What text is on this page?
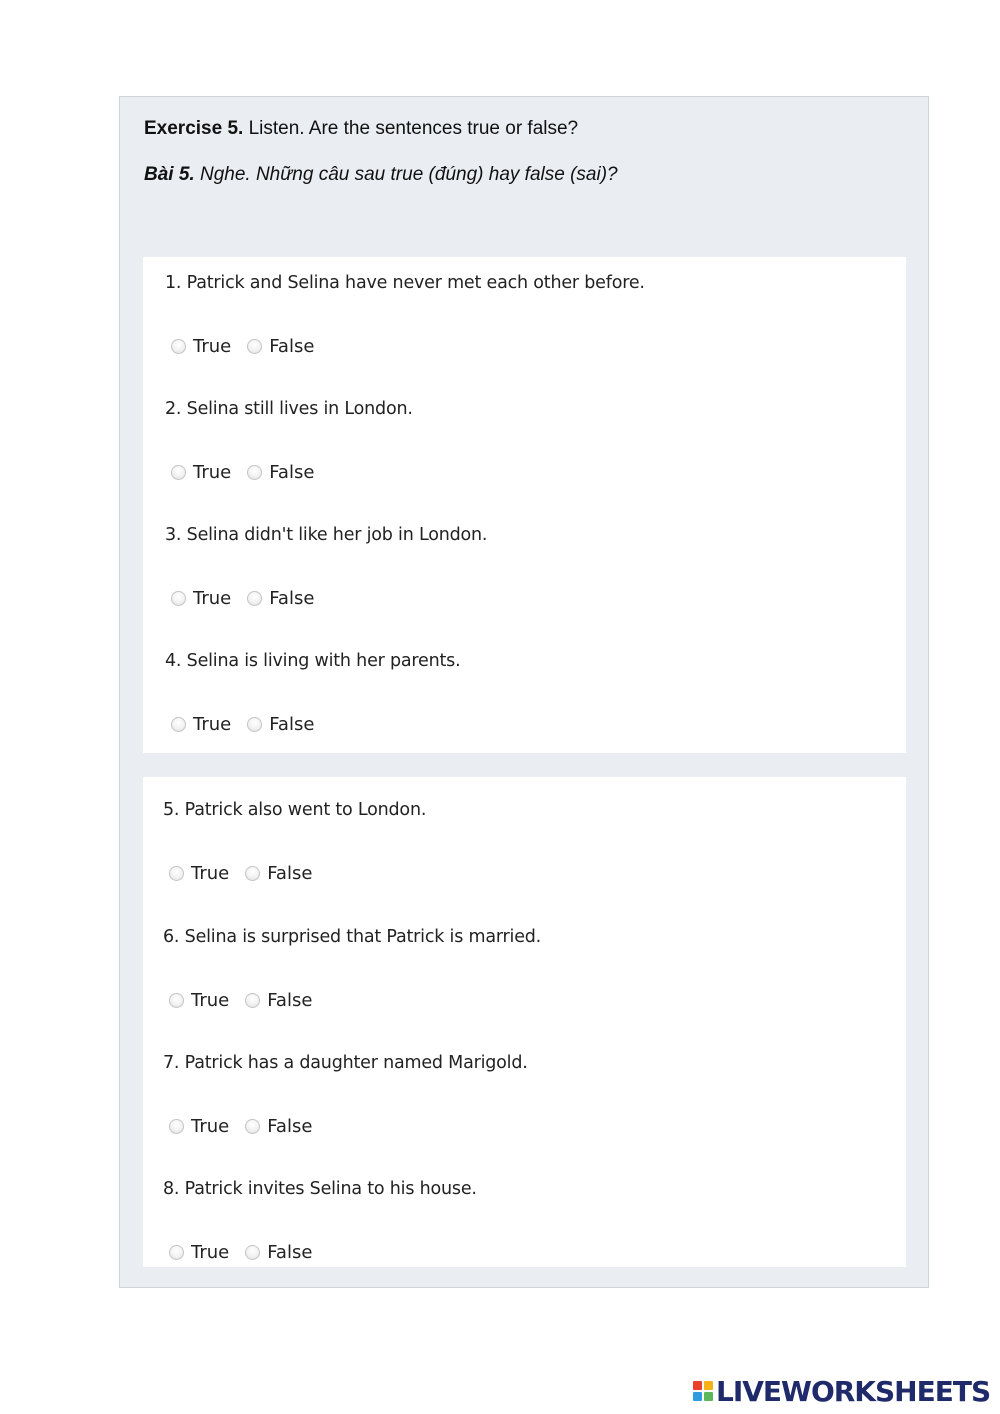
Exercise 5. Listen. Are the sentences true or false?
Bài 5. Nghe. Những câu sau true (đúng) hay false (sai)?
1. Patrick and Selina have never met each other before.
True False
2. Selina still lives in London.
True False
3. Selina didn't like her job in London.
True False
4. Selina is living with her parents.
True False
5. Patrick also went to London.
True False
6. Selina is surprised that Patrick is married.
True False
7. Patrick has a daughter named Marigold.
True False
8. Patrick invites Selina to his house.
True False
LIVEWORKSHEETS
